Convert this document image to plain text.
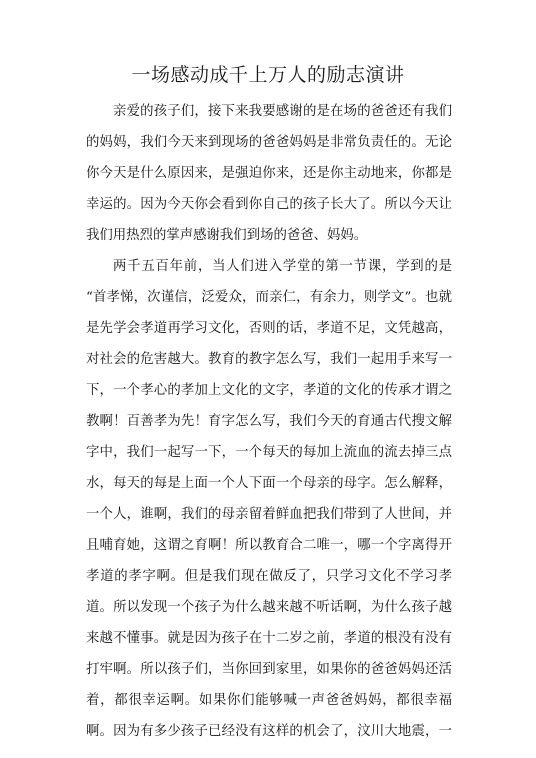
一场感动成千上万人的励志演讲
亲爱的孩子们，接下来我要感谢的是在场的爸爸还有我们
的妈妈，我们今天来到现场的爸爸妈妈是非常负责任的。无论
你今天是什么原因来，是强迫你来，还是你主动地来，你都是
幸运的。因为今天你会看到你自己的孩子长大了。所以今天让
我们用热烈的掌声感谢我们到场的爸爸、妈妈。
两千五百年前，当人们进入学堂的第一节课，学到的是
“首孝悌，次谨信，泛爱众，而亲仁，有余力，则学文”。也就
是先学会孝道再学习文化，否则的话，孝道不足，文凭越高，
对社会的危害越大。教育的教字怎么写，我们一起用手来写一
下，一个孝心的孝加上文化的文字，孝道的文化的传承才谓之
教啊！百善孝为先！育字怎么写，我们今天的育通古代搜文解
字中，我们一起写一下，一个每天的每加上流血的流去掉三点
水，每天的每是上面一个人下面一个母亲的母字。怎么解释，
一个人，谁啊，我们的母亲留着鲜血把我们带到了人世间，并
且哺育她，这谓之育啊！所以教育合二唯一，哪一个字离得开
孝道的孝字啊。但是我们现在做反了，只学习文化不学习孝
道。所以发现一个孩子为什么越来越不听话啊，为什么孩子越
来越不懂事。就是因为孩子在十二岁之前，孝道的根没有没有
打牢啊。所以孩子们，当你回到家里，如果你的爸爸妈妈还活
着，都很幸运啊。如果你们能够喊一声爸爸妈妈，都很幸福
啊。因为有多少孩子已经没有这样的机会了，汶川大地震，一
